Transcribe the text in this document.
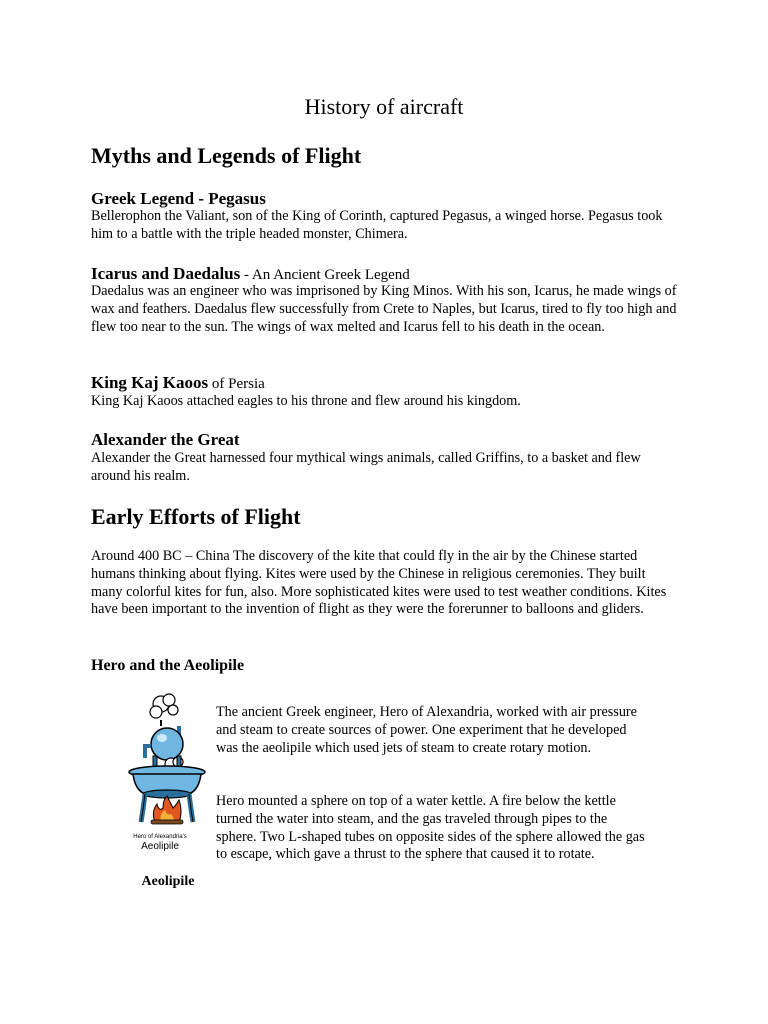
History of aircraft
Myths and Legends of Flight
Greek Legend - Pegasus

Bellerophon the Valiant, son of the King of Corinth, captured Pegasus, a winged horse. Pegasus took him to a battle with the triple headed monster, Chimera.

Icarus and Daedalus - An Ancient Greek Legend

Daedalus was an engineer who was imprisoned by King Minos. With his son, Icarus, he made wings of wax and feathers. Daedalus flew successfully from Crete to Naples, but Icarus, tired to fly too high and flew too near to the sun. The wings of wax melted and Icarus fell to his death in the ocean.

King Kaj Kaoos of Persia

King Kaj Kaoos attached eagles to his throne and flew around his kingdom.

Alexander the Great

Alexander the Great harnessed four mythical wings animals, called Griffins, to a basket and flew around his realm.

Early Efforts of Flight

Around 400 BC – China The discovery of the kite that could fly in the air by the Chinese started humans thinking about flying. Kites were used by the Chinese in religious ceremonies. They built many colorful kites for fun, also. More sophisticated kites were used to test weather conditions. Kites have been important to the invention of flight as they were the forerunner to balloons and gliders.

Hero and the Aeolipile
Hero of Alexandria's
Aeolipile
Aeolipile

The ancient Greek engineer, Hero of Alexandria, worked with air pressure and steam to create sources of power. One experiment that he developed was the aeolipile which used jets of steam to create rotary motion.

Hero mounted a sphere on top of a water kettle. A fire below the kettle turned the water into steam, and the gas traveled through pipes to the sphere. Two L-shaped tubes on opposite sides of the sphere allowed the gas to escape, which gave a thrust to the sphere that caused it to rotate.
